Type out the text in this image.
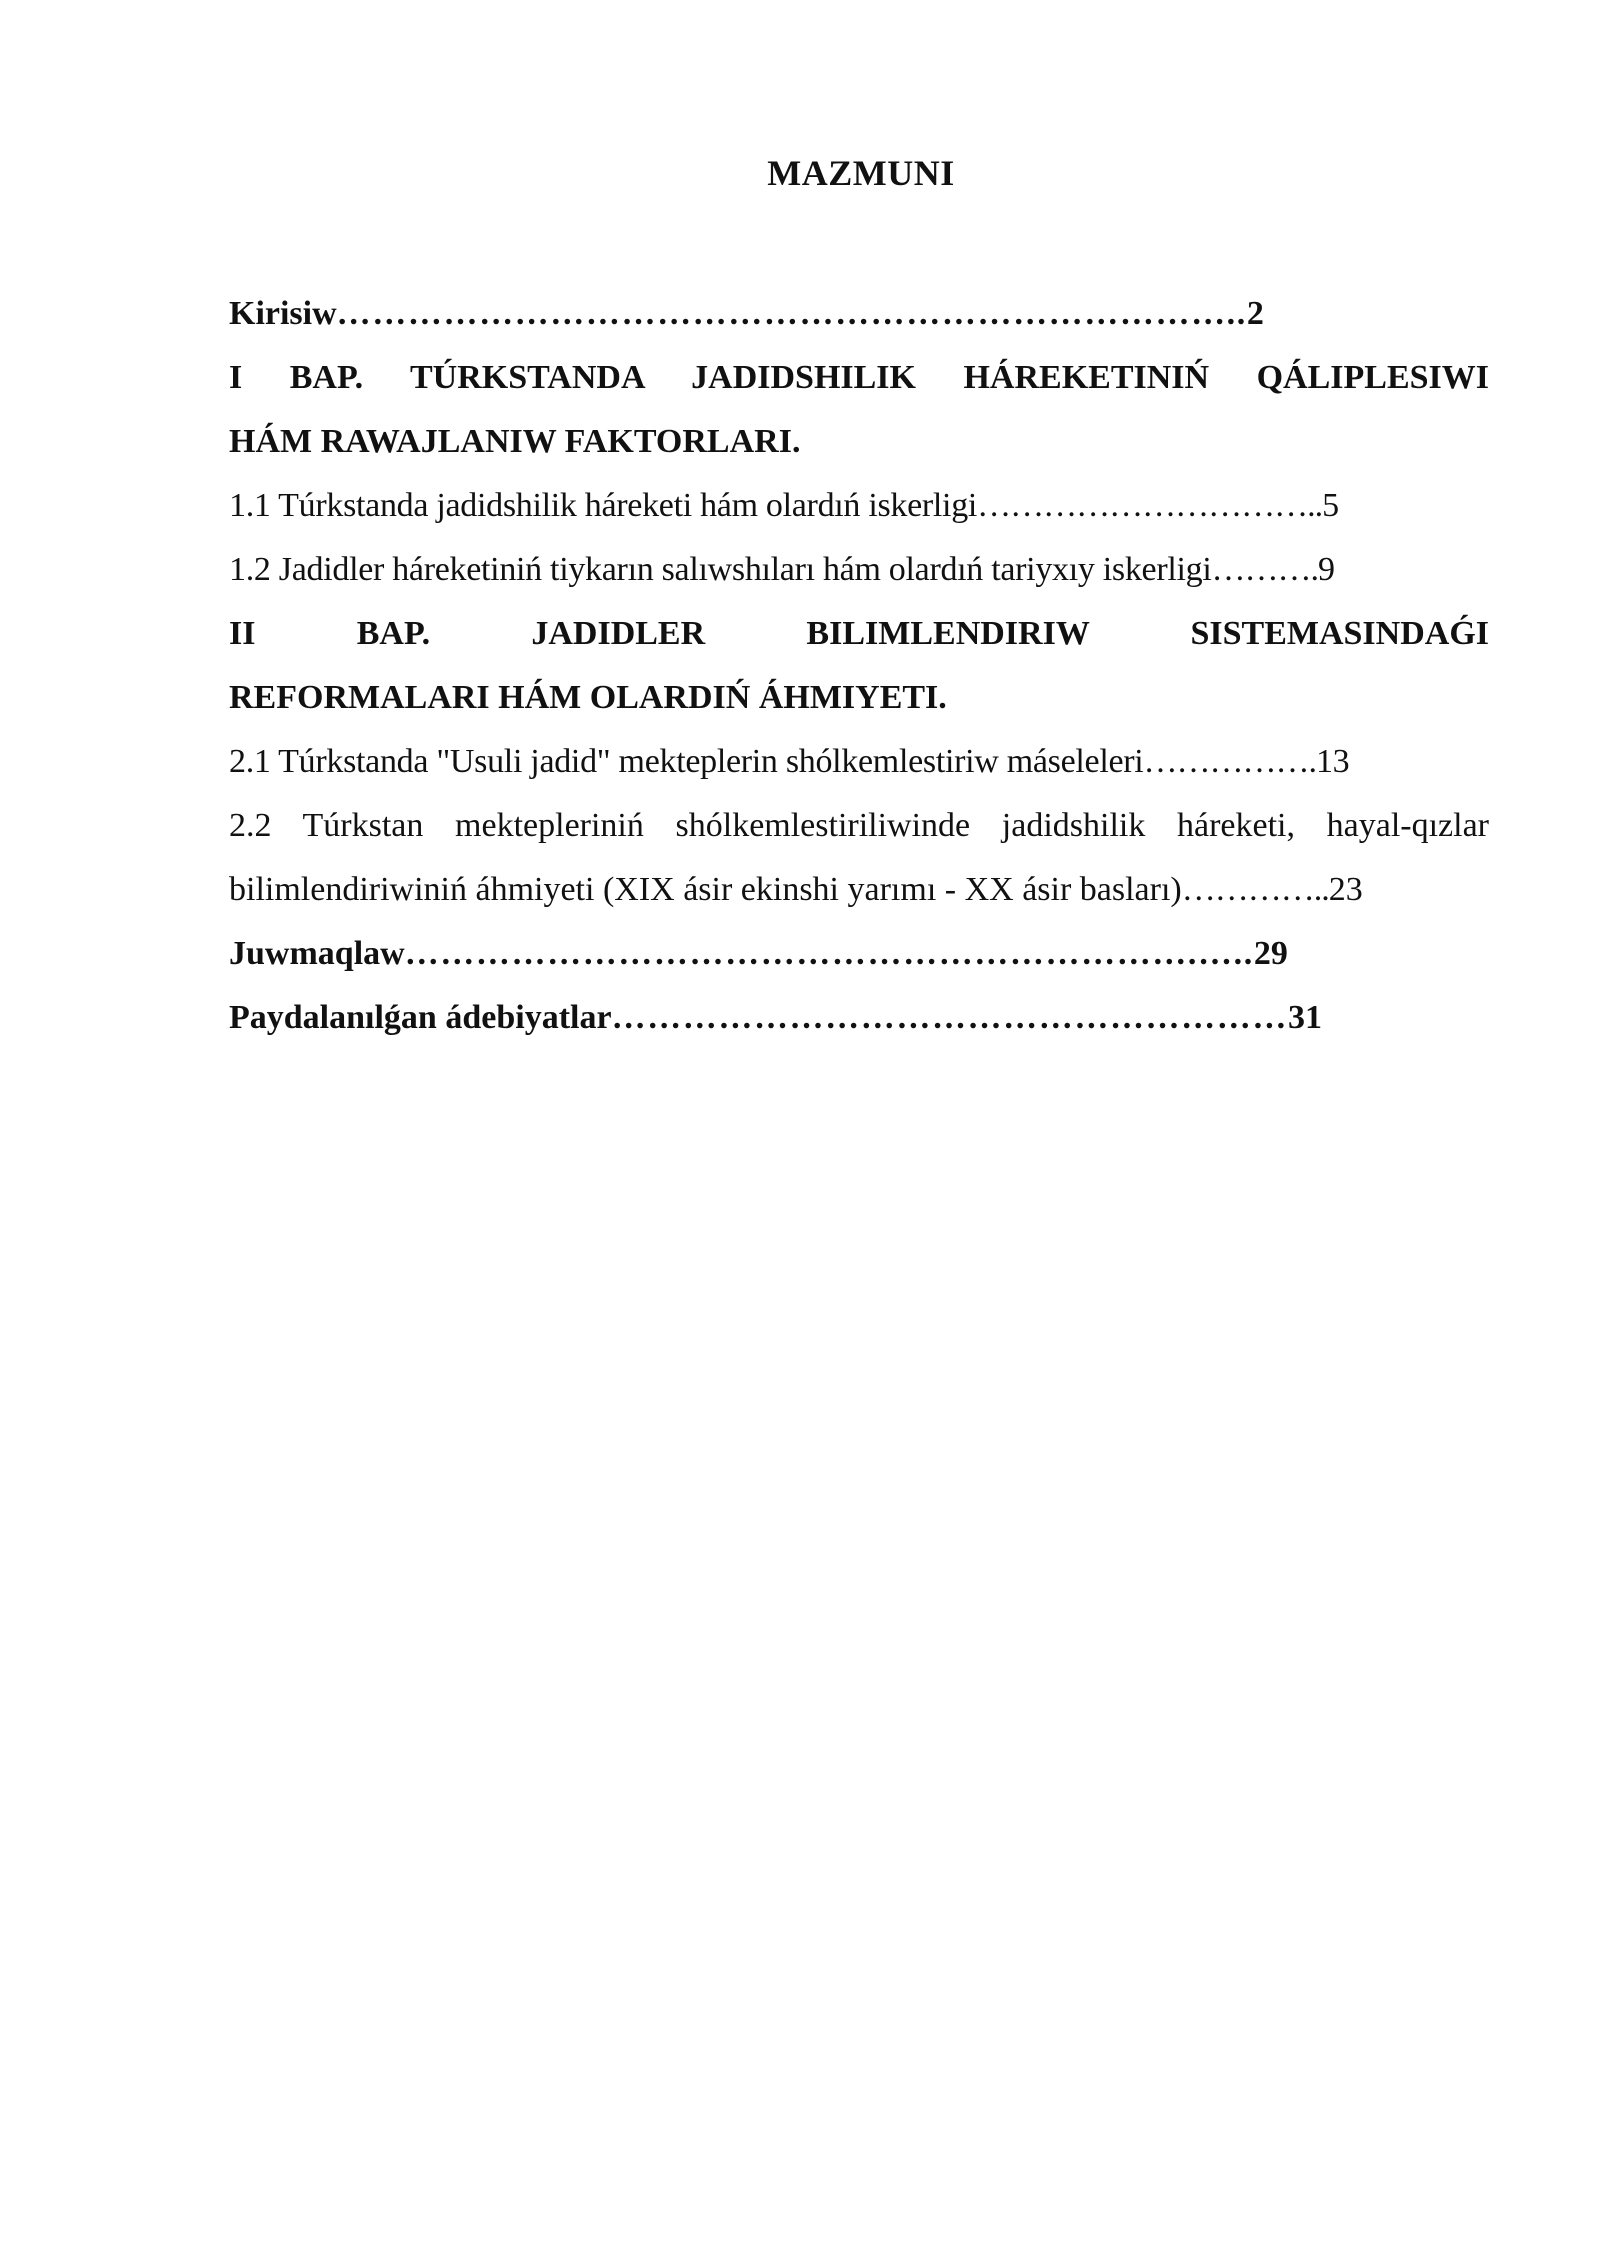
MAZMUNI
Kirisiw…………………………………………………………………..2
I BAP. TÚRKSTANDA JADIDSHILIK HÁREKETINIŃ QÁLIPLESIWI
HÁM RAWAJLANIW FAKTORLARI.
1.1 Túrkstanda jadidshilik háreketi hám olardıń iskerligi…………………………..5
1.2 Jadidler háreketiniń tiykarın salıwshıları hám olardıń tariyxıy iskerligi……….9
II BAP. JADIDLER BILIMLENDIRIW SISTEMASINDAǴI
REFORMALARI HÁM OLARDIŃ ÁHMIYETI.
2.1 Túrkstanda "Usuli jadid" mekteplerin shólkemlestiriw máseleleri…………….13
2.2 Túrkstan mektepleriniń shólkemlestiriliwinde jadidshilik háreketi, hayal-qızlar
bilimlendiriwiniń áhmiyeti (XIX ásir ekinshi yarımı - XX ásir basları)…………..23
Juwmaqlaw………………………………………………………….…..29
Paydalanılǵan ádebiyatlar…………………………………………………31
